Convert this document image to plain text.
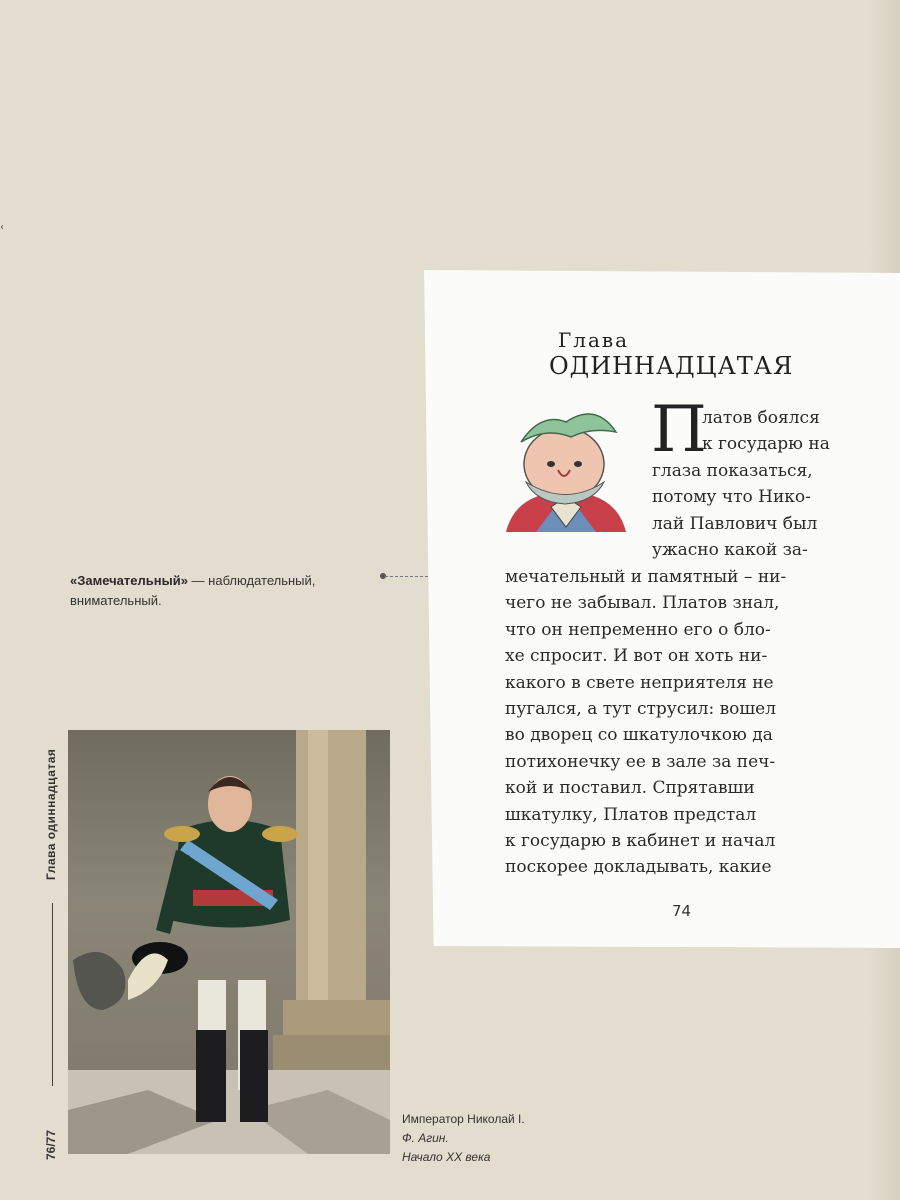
‹
Глава одиннадцатая
76/77
«Замечательный» — наблюдательный, внимательный.
Император Николай I.
Ф. Агин.
Начало XX века
Глава
ОДИННАДЦАТАЯ
П
латов боялся
к государю на
глаза показаться,
потому что Нико-
лай Павлович был
ужасно какой за-
мечательный и памятный – ни-
чего не забывал. Платов знал,
что он непременно его о бло-
хе спросит. И вот он хоть ни-
какого в свете неприятеля не
пугался, а тут струсил: вошел
во дворец со шкатулочкою да
потихонечку ее в зале за печ-
кой и поставил. Спрятавши
шкатулку, Платов предстал
к государю в кабинет и начал
поскорее докладывать, какие
74
